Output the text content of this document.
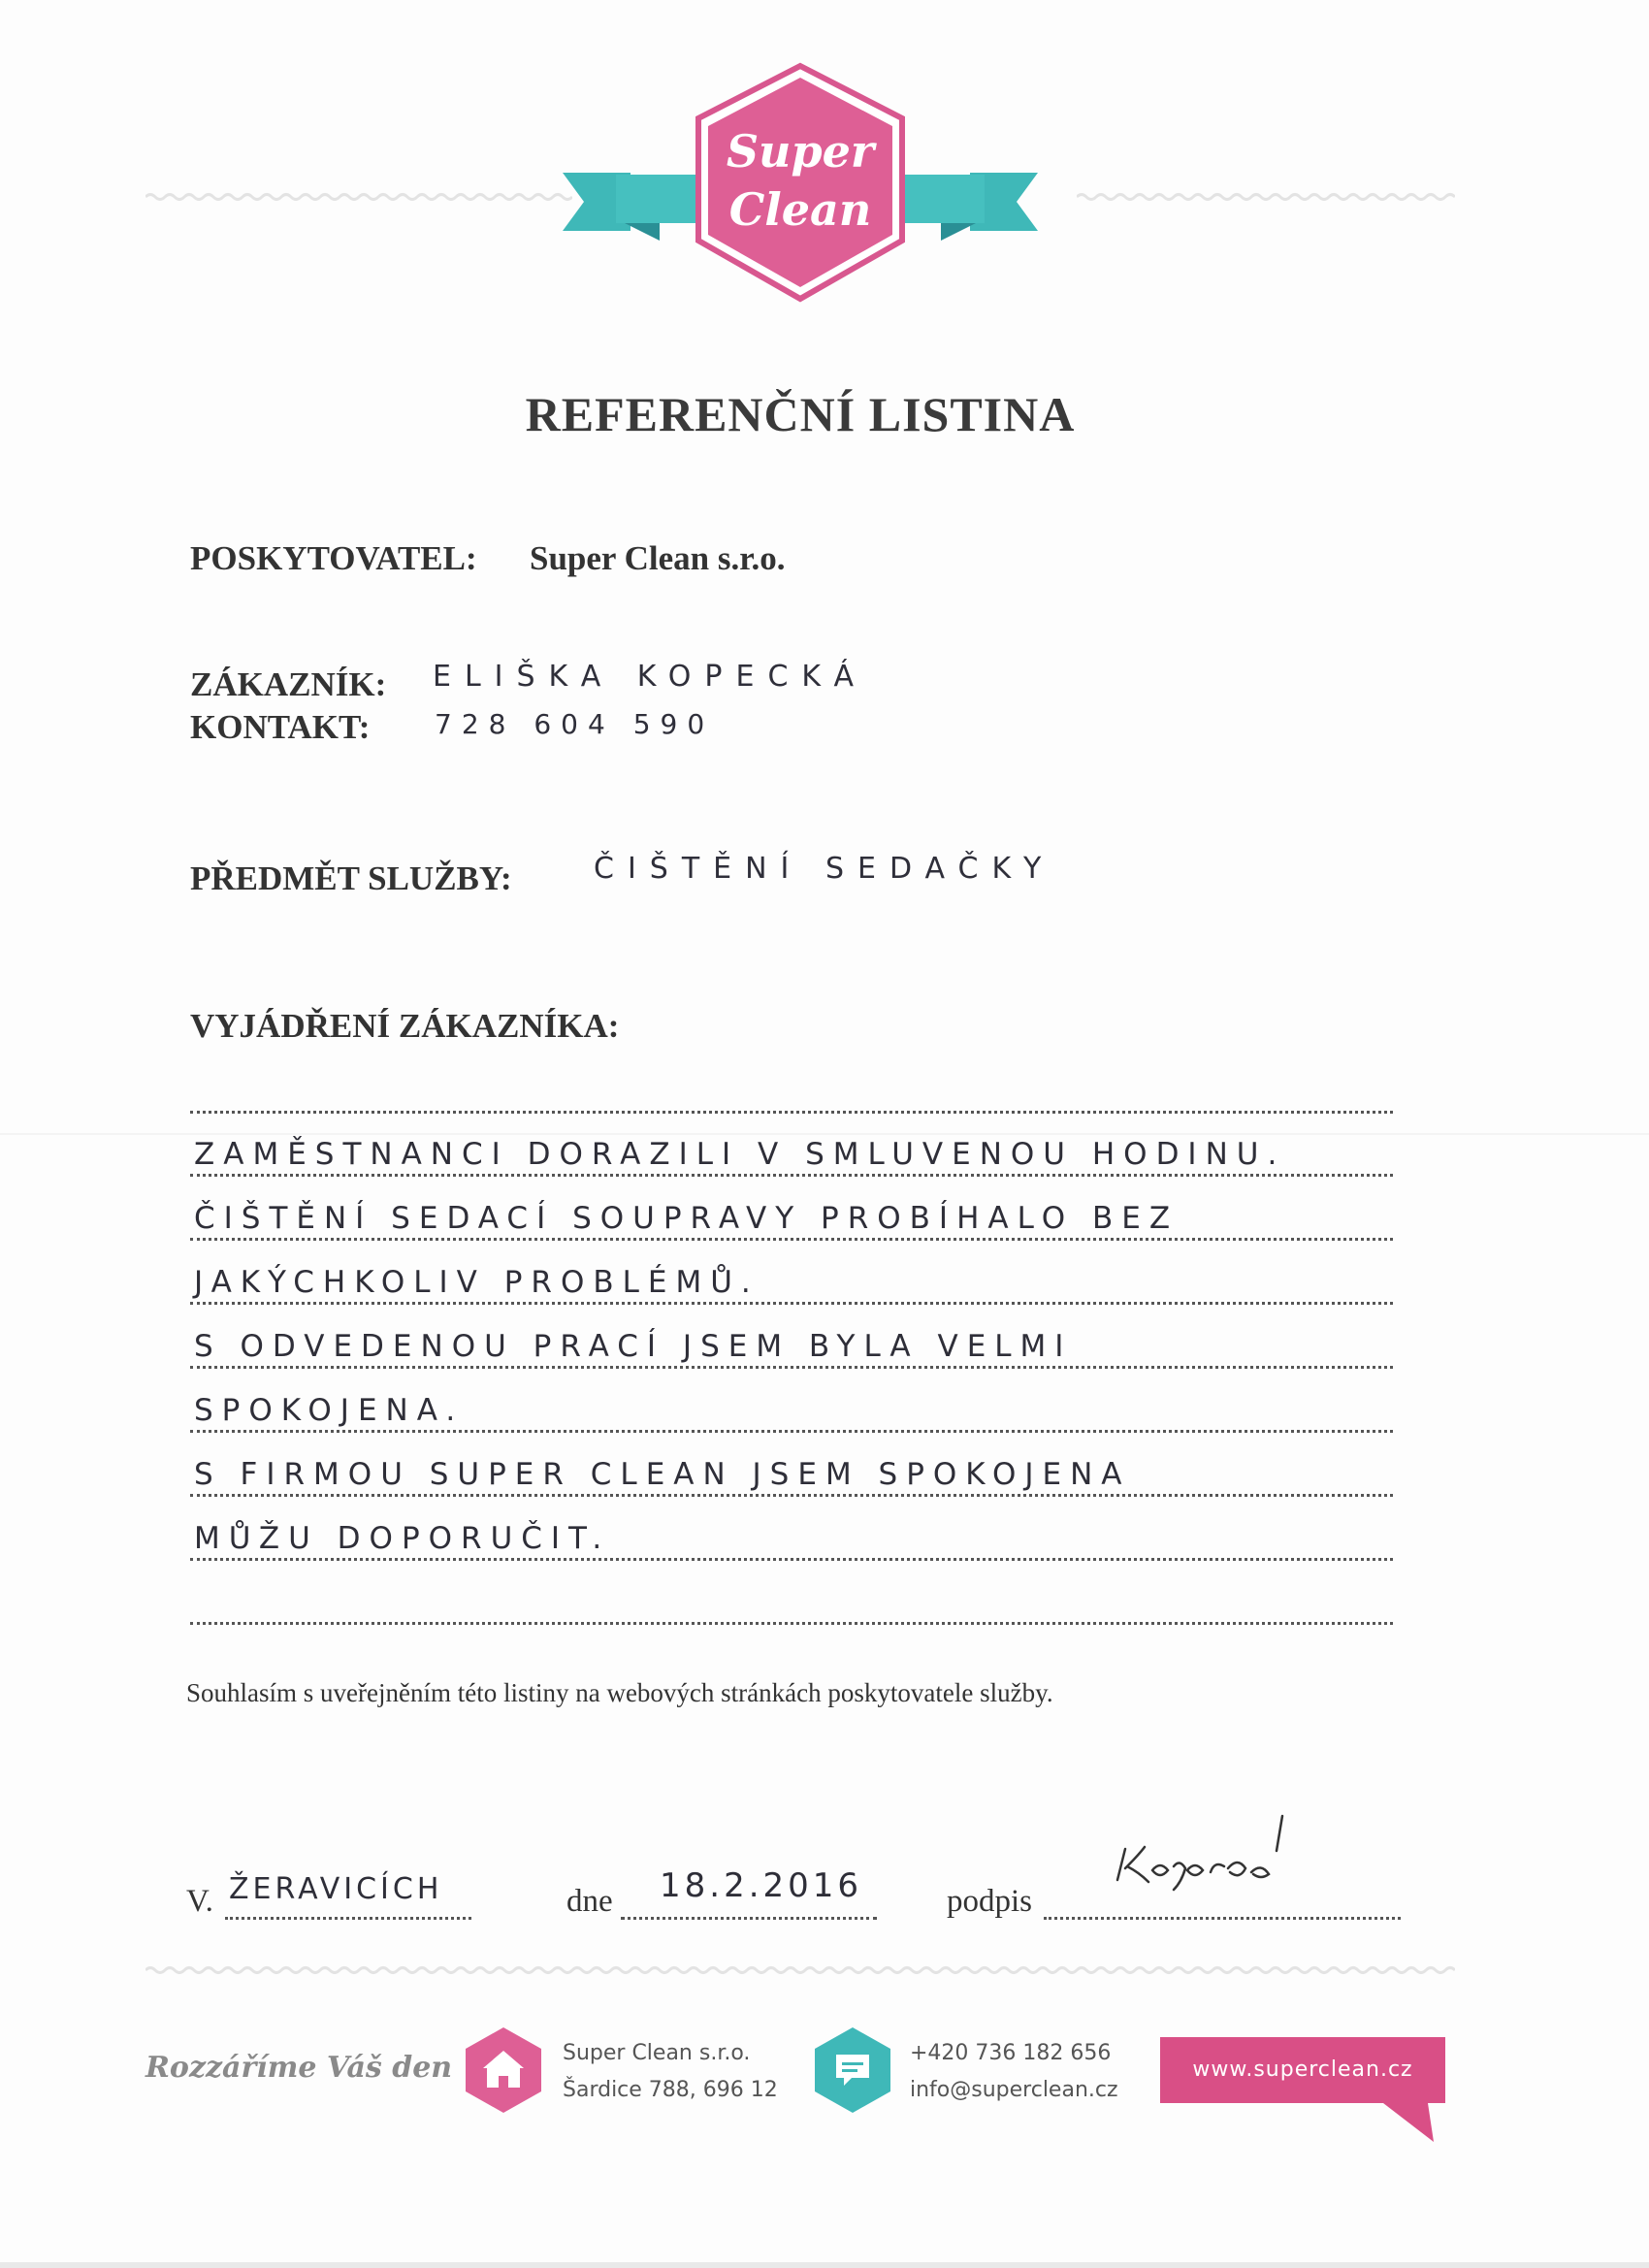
Super
Clean
REFERENČNÍ LISTINA
POSKYTOVATEL: Super Clean s.r.o.
ZÁKAZNÍK: ELIŠKA KOPECKÁ
KONTAKT: 728 604 590
PŘEDMĚT SLUŽBY:	ČIŠTĚNÍ SEDAČKY
VYJÁDŘENÍ ZÁKAZNÍKA:
ZAMĚSTNANCI DORAZILI V SMLUVENOU HODINU.
ČIŠTĚNÍ SEDACÍ SOUPRAVY PROBÍHALO BEZ
JAKÝCHKOLIV PROBLÉMŮ.
S ODVEDENOU PRACÍ JSEM BYLA VELMI
SPOKOJENA.
S FIRMOU SUPER CLEAN JSEM SPOKOJENA
MŮŽU DOPORUČIT.
Souhlasím s uveřejněním této listiny na webových stránkách poskytovatele služby.
V. ŽERAVICÍCH	dne 18.2.2016	podpis
Rozzáříme Váš den	Super Clean s.r.o.
Šardice 788, 696 12
+420 736 182 656
info@superclean.cz
www.superclean.cz
